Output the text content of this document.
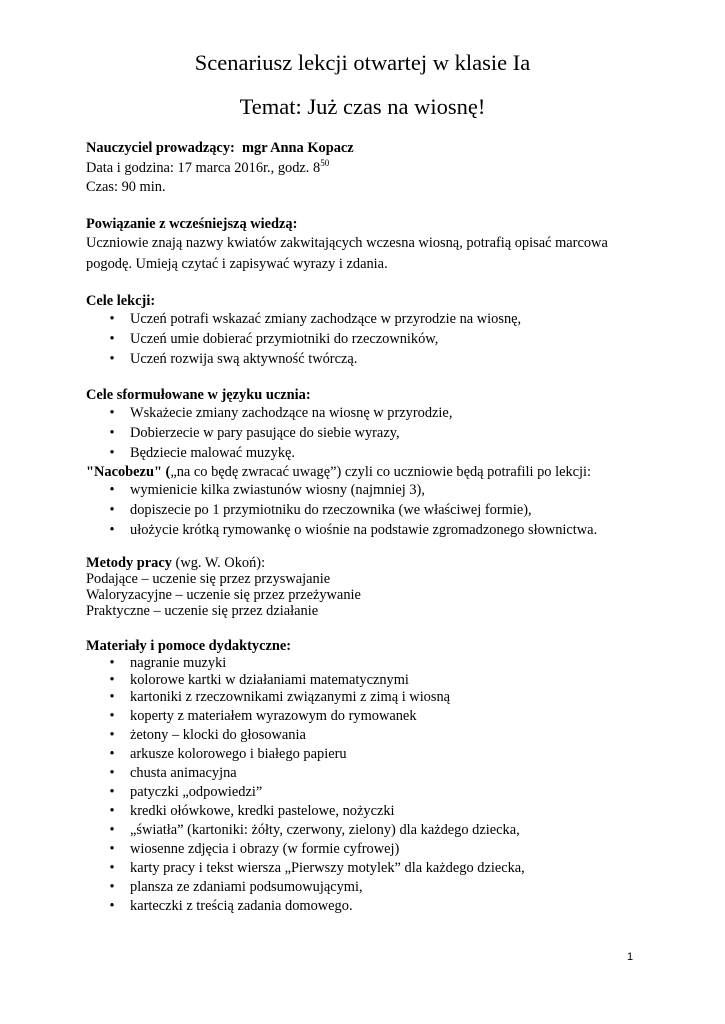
Scenariusz lekcji otwartej w klasie Ia
Temat: Już czas na wiosnę!
Nauczyciel prowadzący: mgr Anna Kopacz
Data i godzina: 17 marca 2016r., godz. $8^{50}$
Czas: 90 min.
Powiązanie z wcześniejszą wiedzą:
Uczniowie znają nazwy kwiatów zakwitających wczesna wiosną, potrafią opisać marcowa
pogodę. Umieją czytać i zapisywać wyrazy i zdania.
Cele lekcji:
•	Uczeń potrafi wskazać zmiany zachodzące w przyrodzie na wiosnę,
•	Uczeń umie dobierać przymiotniki do rzeczowników,
•	Uczeń rozwija swą aktywność twórczą.
Cele sformułowane w języku ucznia:
•	Wskażecie zmiany zachodzące na wiosnę w przyrodzie,
•	Dobierzecie w pary pasujące do siebie wyrazy,
•	Będziecie malować muzykę.
"Nacobezu" („na co będę zwracać uwagę”) czyli co uczniowie będą potrafili po lekcji:
•	wymienicie kilka zwiastunów wiosny (najmniej 3),
•	dopiszecie po 1 przymiotniku do rzeczownika (we właściwej formie),
•	ułożycie krótką rymowankę o wiośnie na podstawie zgromadzonego słownictwa.
Metody pracy (wg. W. Okoń):
Podające – uczenie się przez przyswajanie
Waloryzacyjne – uczenie się przez przeżywanie
Praktyczne – uczenie się przez działanie
Materiały i pomoce dydaktyczne:
•	nagranie muzyki
•	kolorowe kartki w działaniami matematycznymi
•	kartoniki z rzeczownikami związanymi z zimą i wiosną
•	koperty z materiałem wyrazowym do rymowanek
•	żetony – klocki do głosowania
•	arkusze kolorowego i białego papieru
•	chusta animacyjna
•	patyczki „odpowiedzi”
•	kredki ołówkowe, kredki pastelowe, nożyczki
•	„światła” (kartoniki: żółty, czerwony, zielony) dla każdego dziecka,
•	wiosenne zdjęcia i obrazy (w formie cyfrowej)
•	karty pracy i tekst wiersza „Pierwszy motylek” dla każdego dziecka,
•	plansza ze zdaniami podsumowującymi,
•	karteczki z treścią zadania domowego.
1
